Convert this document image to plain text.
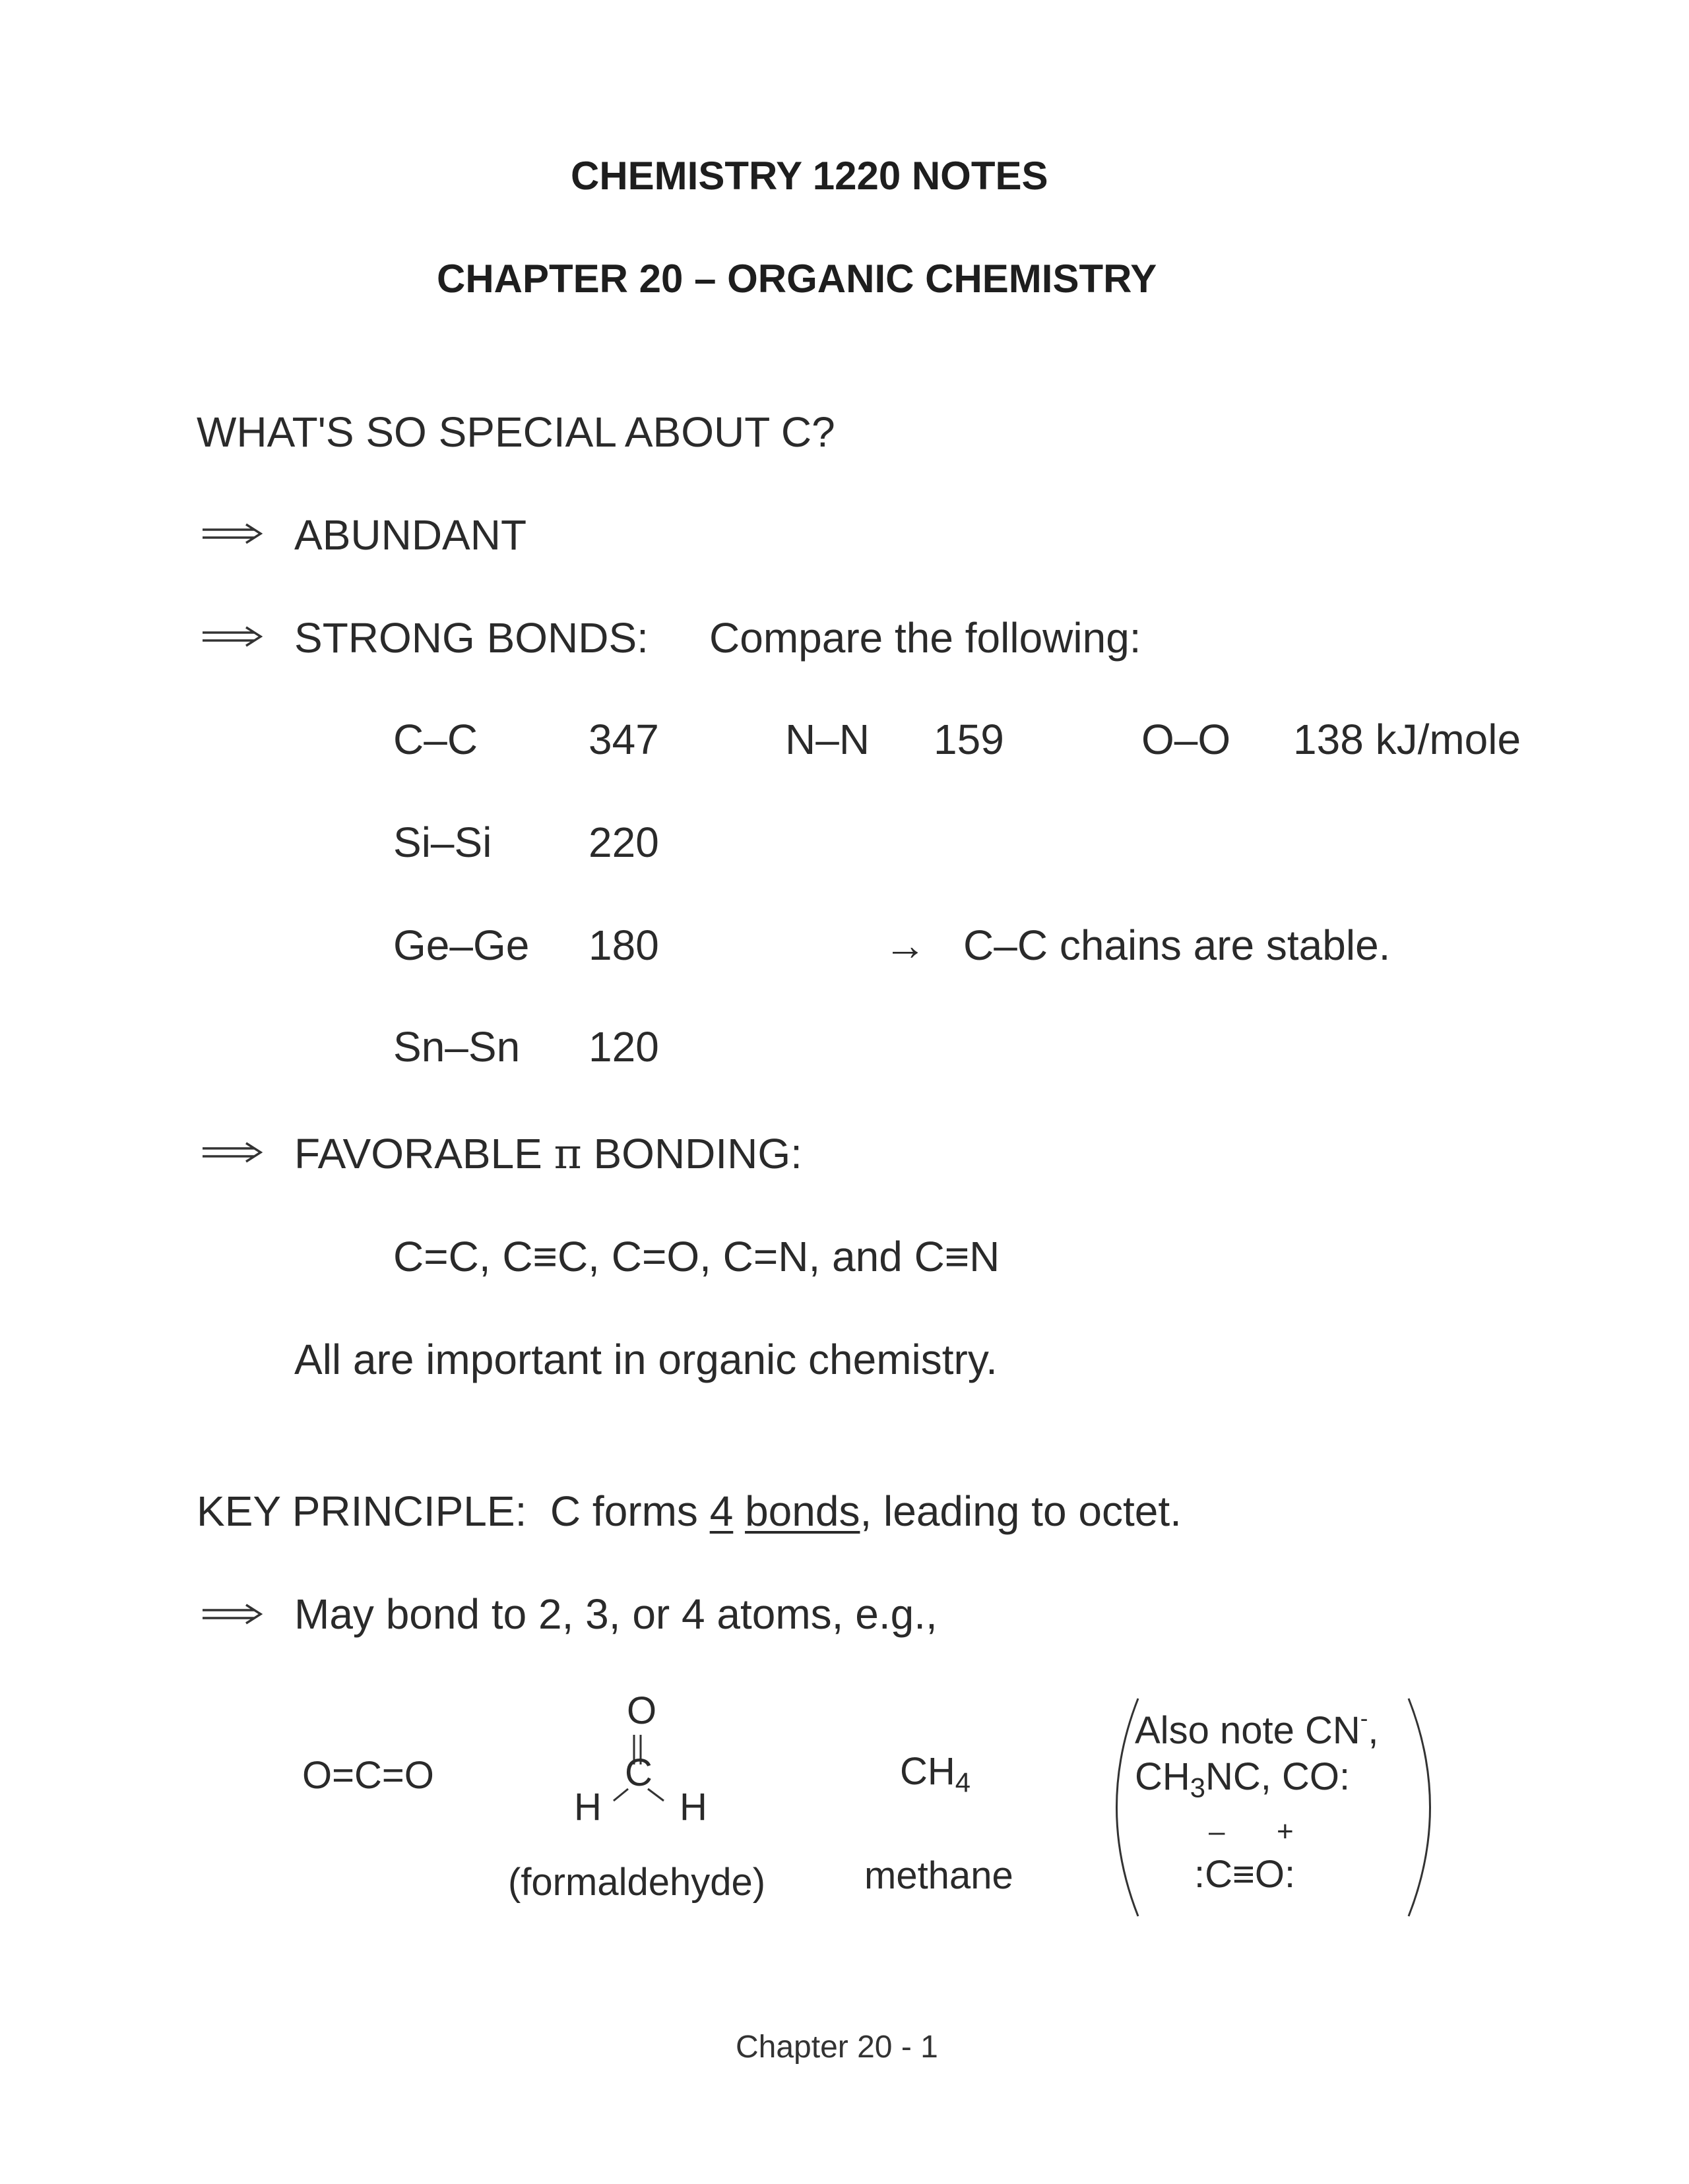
CHEMISTRY 1220 NOTES
CHAPTER 20 – ORGANIC CHEMISTRY
WHAT'S SO SPECIAL ABOUT C?
ABUNDANT
STRONG BONDS: Compare the following:
C–C	347	N–N 159	O–O 138 kJ/mole
Si–Si 220
Ge–Ge 180	→ C–C chains are stable.
Sn–Sn 120
FAVORABLE π BONDING:
C=C, C≡C, C=O, C=N, and C≡N
All are important in organic chemistry.
KEY PRINCIPLE: C forms 4 bonds, leading to octet.
May bond to 2, 3, or 4 atoms, e.g.,
O=C=O
O
C
H H
(formaldehyde)
$CH_4$
methane
Also note CN-,
$CH_3NC$, CO:
– +
:C≡O:
Chapter 20 - 1
